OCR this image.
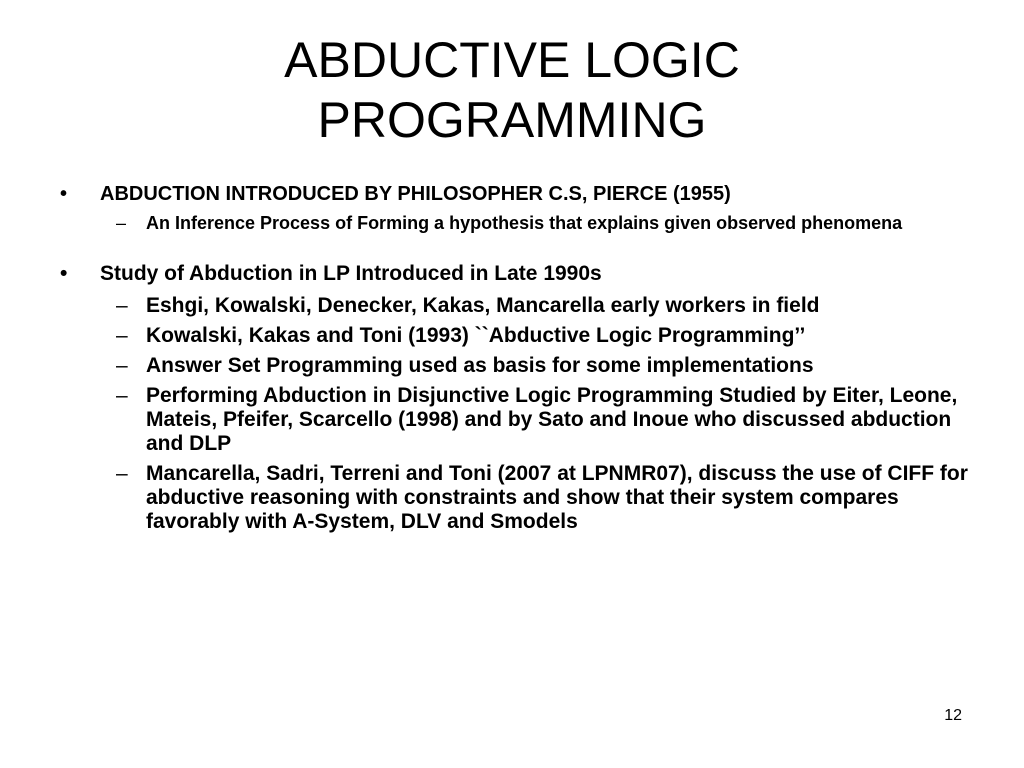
ABDUCTIVE LOGIC
PROGRAMMING
• ABDUCTION INTRODUCED BY PHILOSOPHER C.S, PIERCE (1955)
– An Inference Process of Forming a hypothesis that explains given observed phenomena
• Study of Abduction in LP Introduced in Late 1990s
– Eshgi, Kowalski, Denecker, Kakas, Mancarella early workers in field
– Kowalski, Kakas and Toni (1993) ``Abductive Logic Programming’’
– Answer Set Programming used as basis for some implementations
– Performing Abduction in Disjunctive Logic Programming Studied by Eiter, Leone, Mateis, Pfeifer, Scarcello (1998) and by Sato and Inoue who discussed abduction and DLP
– Mancarella, Sadri, Terreni and Toni (2007 at LPNMR07), discuss the use of CIFF for abductive reasoning with constraints and show that their system compares favorably with A-System, DLV and Smodels
12
